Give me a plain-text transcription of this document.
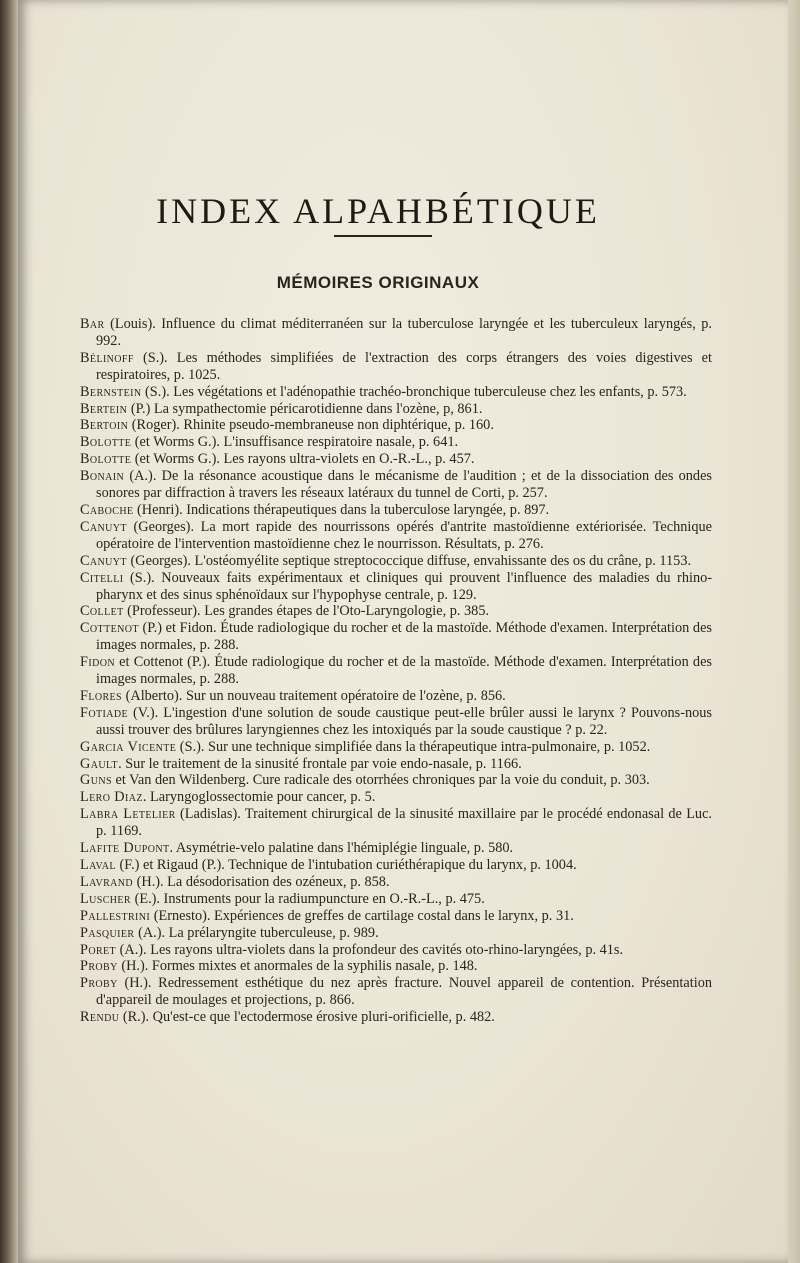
INDEX ALPAHBÉTIQUE
MÉMOIRES ORIGINAUX
Bar (Louis). Influence du climat méditerranéen sur la tuberculose laryngée et les tuberculeux laryngés, p. 992.
Bélinoff (S.). Les méthodes simplifiées de l'extraction des corps étrangers des voies digestives et respiratoires, p. 1025.
Bernstein (S.). Les végétations et l'adénopathie trachéo-bronchique tuberculeuse chez les enfants, p. 573.
Bertein (P.) La sympathectomie péricarotidienne dans l'ozène, p, 861.
Bertoin (Roger). Rhinite pseudo-membraneuse non diphtérique, p. 160.
Bolotte (et Worms G.). L'insuffisance respiratoire nasale, p. 641.
Bolotte (et Worms G.). Les rayons ultra-violets en O.-R.-L., p. 457.
Bonain (A.). De la résonance acoustique dans le mécanisme de l'audition ; et de la dissociation des ondes sonores par diffraction à travers les réseaux latéraux du tunnel de Corti, p. 257.
Caboche (Henri). Indications thérapeutiques dans la tuberculose laryngée, p. 897.
Canuyt (Georges). La mort rapide des nourrissons opérés d'antrite mastoïdienne extériorisée. Technique opératoire de l'intervention mastoïdienne chez le nourrisson. Résultats, p. 276.
Canuyt (Georges). L'ostéomyélite septique streptococcique diffuse, envahissante des os du crâne, p. 1153.
Citelli (S.). Nouveaux faits expérimentaux et cliniques qui prouvent l'influence des maladies du rhino-pharynx et des sinus sphénoïdaux sur l'hypophyse centrale, p. 129.
Collet (Professeur). Les grandes étapes de l'Oto-Laryngologie, p. 385.
Cottenot (P.) et Fidon. Étude radiologique du rocher et de la mastoïde. Méthode d'examen. Interprétation des images normales, p. 288.
Fidon et Cottenot (P.). Étude radiologique du rocher et de la mastoïde. Méthode d'examen. Interprétation des images normales, p. 288.
Flores (Alberto). Sur un nouveau traitement opératoire de l'ozène, p. 856.
Fotiade (V.). L'ingestion d'une solution de soude caustique peut-elle brûler aussi le larynx ? Pouvons-nous aussi trouver des brûlures laryngiennes chez les intoxiqués par la soude caustique ? p. 22.
Garcia Vicente (S.). Sur une technique simplifiée dans la thérapeutique intra-pulmonaire, p. 1052.
Gault. Sur le traitement de la sinusité frontale par voie endo-nasale, p. 1166.
Guns et Van den Wildenberg. Cure radicale des otorrhées chroniques par la voie du conduit, p. 303.
Lero Diaz. Laryngoglossectomie pour cancer, p. 5.
Labra Letelier (Ladislas). Traitement chirurgical de la sinusité maxillaire par le procédé endonasal de Luc. p. 1169.
Lafite Dupont. Asymétrie-velo palatine dans l'hémiplégie linguale, p. 580.
Laval (F.) et Rigaud (P.). Technique de l'intubation curiéthérapique du larynx, p. 1004.
Lavrand (H.). La désodorisation des ozéneux, p. 858.
Luscher (E.). Instruments pour la radiumpuncture en O.-R.-L., p. 475.
Pallestrini (Ernesto). Expériences de greffes de cartilage costal dans le larynx, p. 31.
Pasquier (A.). La prélaryngite tuberculeuse, p. 989.
Poret (A.). Les rayons ultra-violets dans la profondeur des cavités oto-rhino-laryngées, p. 41s.
Proby (H.). Formes mixtes et anormales de la syphilis nasale, p. 148.
Proby (H.). Redressement esthétique du nez après fracture. Nouvel appareil de contention. Présentation d'appareil de moulages et projections, p. 866.
Rendu (R.). Qu'est-ce que l'ectodermose érosive pluri-orificielle, p. 482.
